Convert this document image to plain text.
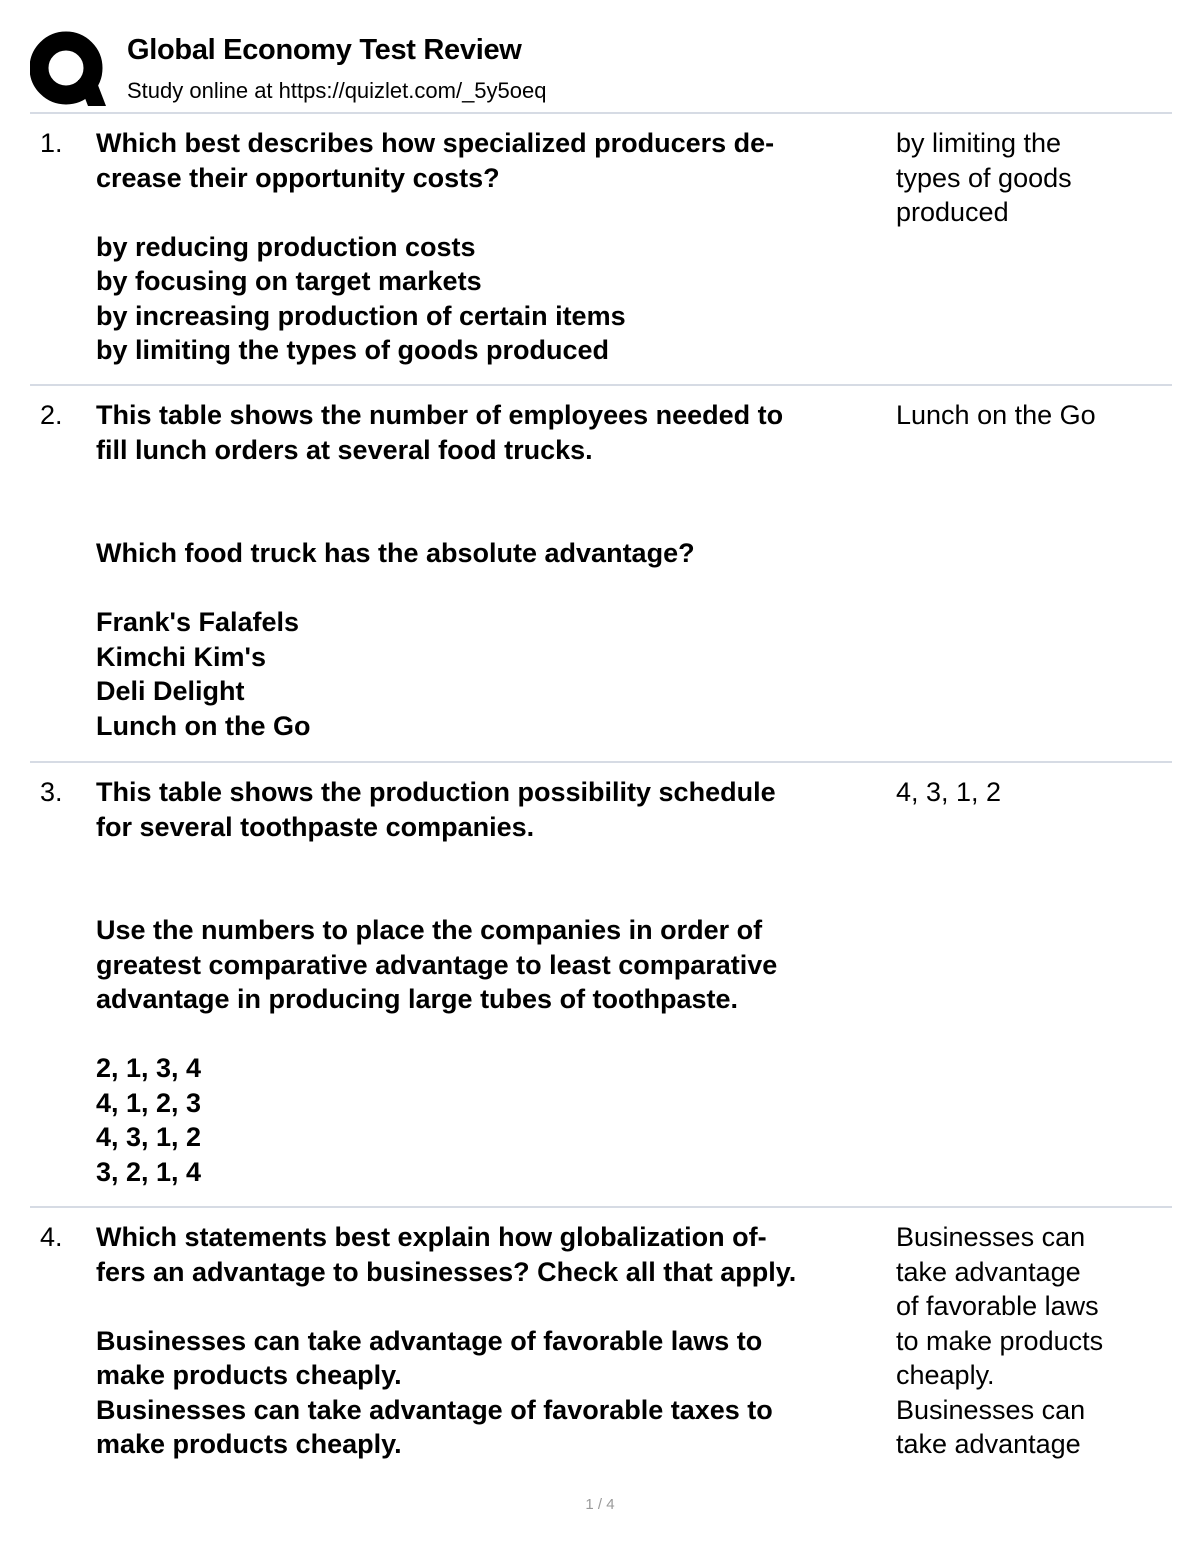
Global Economy Test Review
Study online at https://quizlet.com/_5y5oeq
1. Which best describes how specialized producers de-

crease their opportunity costs?

by reducing production costs

by focusing on target markets

by increasing production of certain items

by limiting the types of goods produced

by limiting the
types of goods
produced
2. This table shows the number of employees needed to

fill lunch orders at several food trucks.

Which food truck has the absolute advantage?

Frank's Falafels

Kimchi Kim's

Deli Delight

Lunch on the Go

Lunch on the Go
3. This table shows the production possibility schedule

for several toothpaste companies.

Use the numbers to place the companies in order of

greatest comparative advantage to least comparative

advantage in producing large tubes of toothpaste.

2, 1, 3, 4

4, 1, 2, 3

4, 3, 1, 2

3, 2, 1, 4

4, 3, 1, 2
4. Which statements best explain how globalization of-

fers an advantage to businesses? Check all that apply.

Businesses can take advantage of favorable laws to

make products cheaply.

Businesses can take advantage of favorable taxes to

make products cheaply.

Businesses can
take advantage
of favorable laws
to make products
cheaply.
Businesses can
take advantage
1 / 4
